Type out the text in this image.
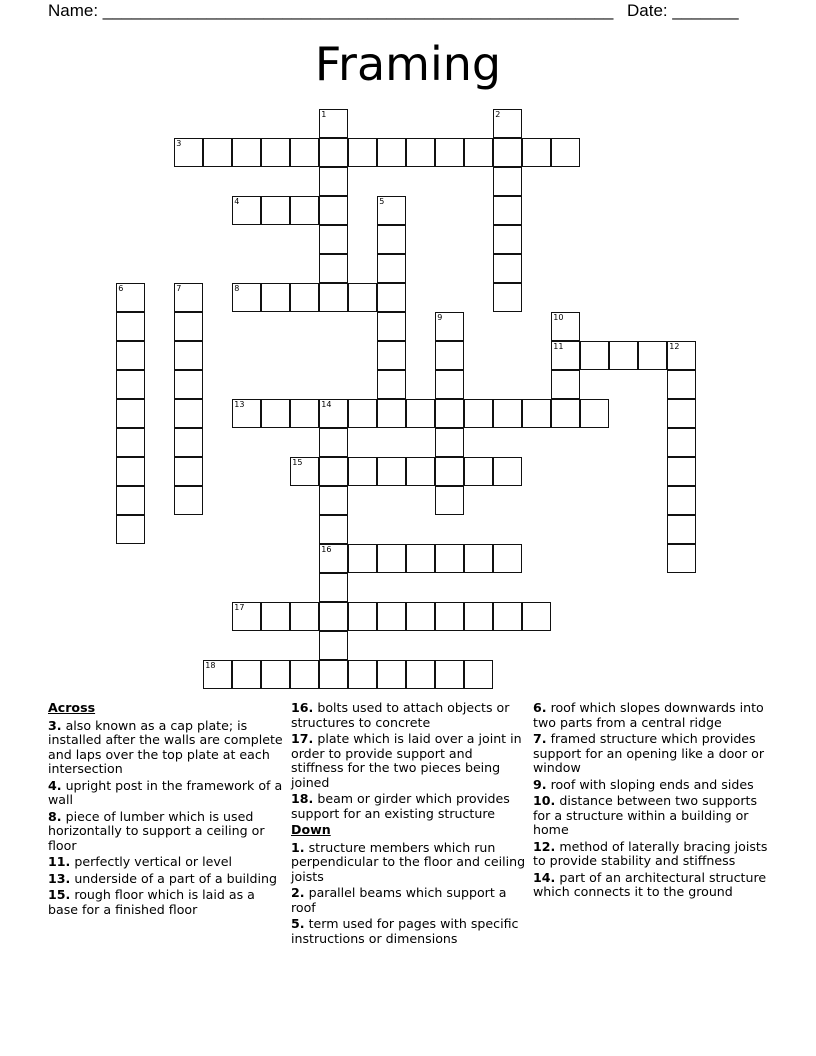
Name: ______________________________________________________ Date: _______
Framing
1	2
3
4	5
6	7	8
9	10
11	12
13	14
16
15
17
18
Across
3. also known as a cap plate; is installed after the walls are complete and laps over the top plate at each intersection
4. upright post in the framework of a wall
8. piece of lumber which is used horizontally to support a ceiling or floor
11. perfectly vertical or level
13. underside of a part of a building
15. rough floor which is laid as a base for a finished floor
16. bolts used to attach objects or structures to concrete
17. plate which is laid over a joint in order to provide support and stiffness for the two pieces being joined
18. beam or girder which provides support for an existing structure
Down
1. structure members which run perpendicular to the floor and ceiling joists
2. parallel beams which support a roof
5. term used for pages with specific instructions or dimensions
6. roof which slopes downwards into two parts from a central ridge
7. framed structure which provides support for an opening like a door or window
9. roof with sloping ends and sides
10. distance between two supports for a structure within a building or home
12. method of laterally bracing joists to provide stability and stiffness
14. part of an architectural structure which connects it to the ground
